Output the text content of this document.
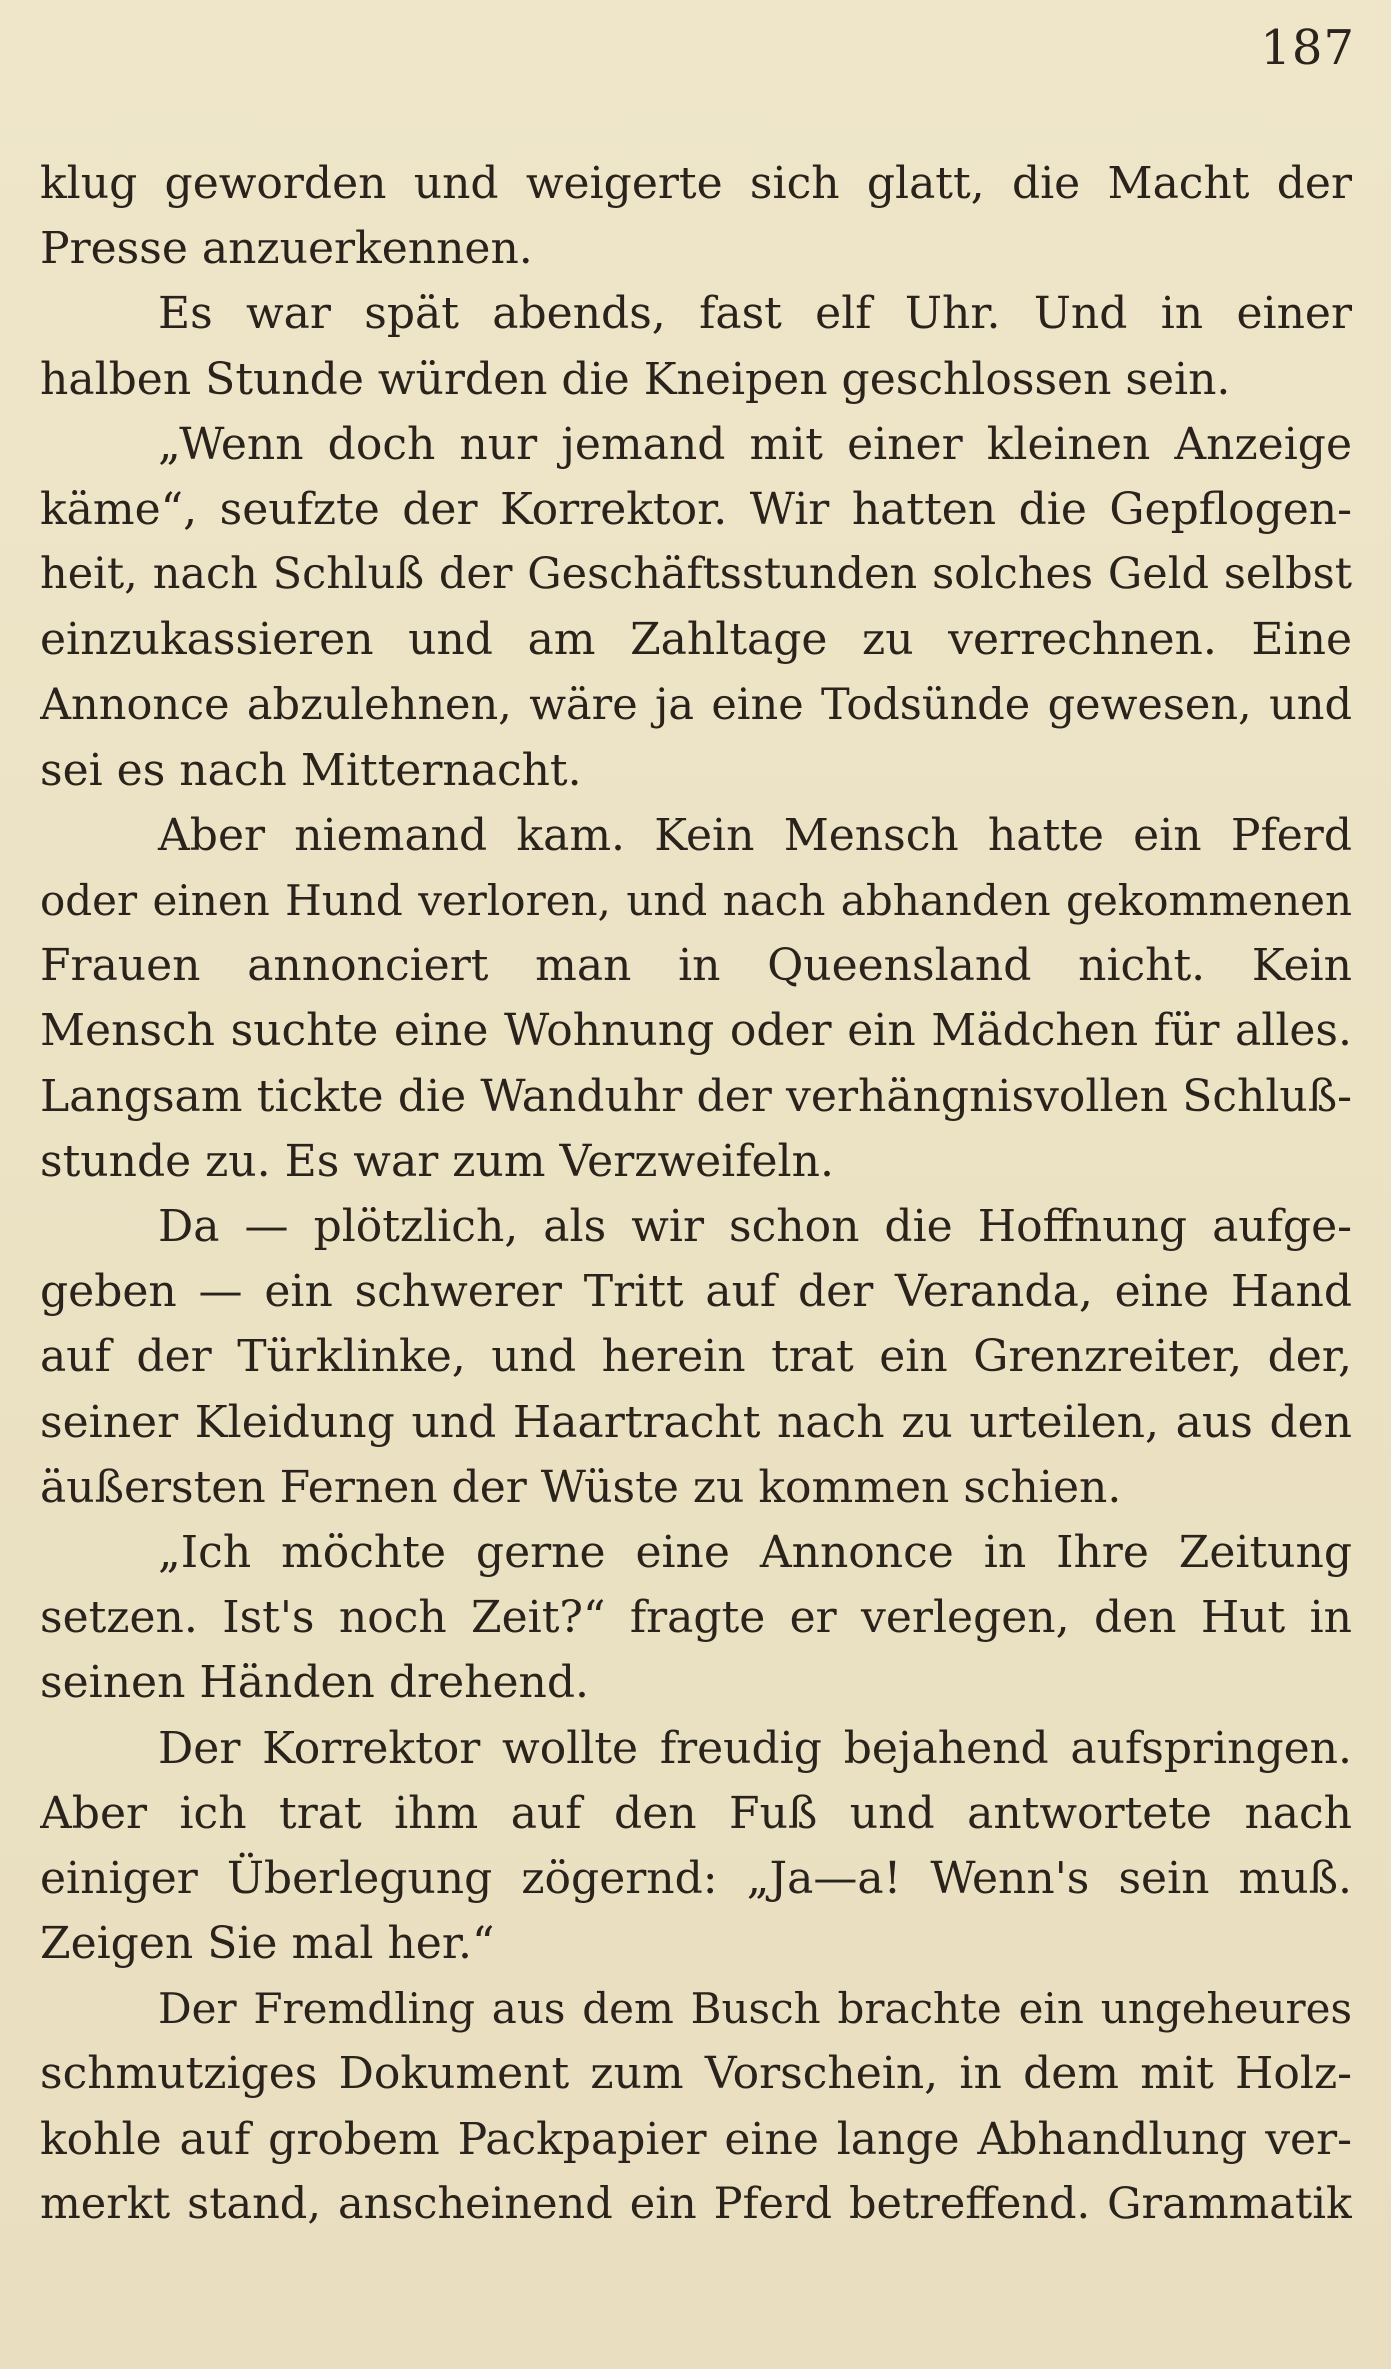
187
klug geworden und weigerte sich glatt, die Macht der
Presse anzuerkennen.
Es war spät abends, fast elf Uhr. Und in einer
halben Stunde würden die Kneipen geschlossen sein.
„Wenn doch nur jemand mit einer kleinen Anzeige
käme“, seufzte der Korrektor. Wir hatten die Gepflogen-
heit, nach Schluß der Geschäftsstunden solches Geld selbst
einzukassieren und am Zahltage zu verrechnen. Eine
Annonce abzulehnen, wäre ja eine Todsünde gewesen, und
sei es nach Mitternacht.
Aber niemand kam. Kein Mensch hatte ein Pferd
oder einen Hund verloren, und nach abhanden gekommenen
Frauen annonciert man in Queensland nicht. Kein
Mensch suchte eine Wohnung oder ein Mädchen für alles.
Langsam tickte die Wanduhr der verhängnisvollen Schluß-
stunde zu. Es war zum Verzweifeln.
Da — plötzlich, als wir schon die Hoffnung aufge-
geben — ein schwerer Tritt auf der Veranda, eine Hand
auf der Türklinke, und herein trat ein Grenzreiter, der,
seiner Kleidung und Haartracht nach zu urteilen, aus den
äußersten Fernen der Wüste zu kommen schien.
„Ich möchte gerne eine Annonce in Ihre Zeitung
setzen. Ist's noch Zeit?“ fragte er verlegen, den Hut in
seinen Händen drehend.
Der Korrektor wollte freudig bejahend aufspringen.
Aber ich trat ihm auf den Fuß und antwortete nach
einiger Überlegung zögernd: „Ja—a! Wenn's sein muß.
Zeigen Sie mal her.“
Der Fremdling aus dem Busch brachte ein ungeheures
schmutziges Dokument zum Vorschein, in dem mit Holz-
kohle auf grobem Packpapier eine lange Abhandlung ver-
merkt stand, anscheinend ein Pferd betreffend. Grammatik
